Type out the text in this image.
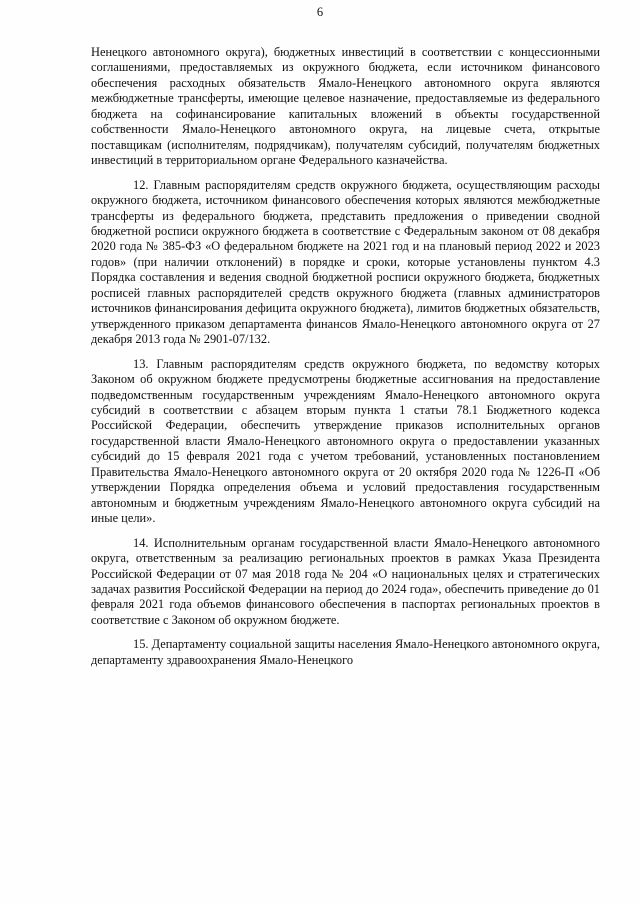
6

Ненецкого автономного округа), бюджетных инвестиций в соответствии с концессионными соглашениями, предоставляемых из окружного бюджета, если источником финансового обеспечения расходных обязательств Ямало-Ненецкого автономного округа являются межбюджетные трансферты, имеющие целевое назначение, предоставляемые из федерального бюджета на софинансирование капитальных вложений в объекты государственной собственности Ямало-Ненецкого автономного округа, на лицевые счета, открытые поставщикам (исполнителям, подрядчикам), получателям субсидий, получателям бюджетных инвестиций в территориальном органе Федерального казначейства.

12. Главным распорядителям средств окружного бюджета, осуществляющим расходы окружного бюджета, источником финансового обеспечения которых являются межбюджетные трансферты из федерального бюджета, представить предложения о приведении сводной бюджетной росписи окружного бюджета в соответствие с Федеральным законом от 08 декабря 2020 года № 385-ФЗ «О федеральном бюджете на 2021 год и на плановый период 2022 и 2023 годов» (при наличии отклонений) в порядке и сроки, которые установлены пунктом 4.3 Порядка составления и ведения сводной бюджетной росписи окружного бюджета, бюджетных росписей главных распорядителей средств окружного бюджета (главных администраторов источников финансирования дефицита окружного бюджета), лимитов бюджетных обязательств, утвержденного приказом департамента финансов Ямало-Ненецкого автономного округа от 27 декабря 2013 года № 2901-07/132.

13. Главным распорядителям средств окружного бюджета, по ведомству которых Законом об окружном бюджете предусмотрены бюджетные ассигнования на предоставление подведомственным государственным учреждениям Ямало-Ненецкого автономного округа субсидий в соответствии с абзацем вторым пункта 1 статьи 78.1 Бюджетного кодекса Российской Федерации, обеспечить утверждение приказов исполнительных органов государственной власти Ямало-Ненецкого автономного округа о предоставлении указанных субсидий до 15 февраля 2021 года с учетом требований, установленных постановлением Правительства Ямало-Ненецкого автономного округа от 20 октября 2020 года № 1226-П «Об утверждении Порядка определения объема и условий предоставления государственным автономным и бюджетным учреждениям Ямало-Ненецкого автономного округа субсидий на иные цели».

14. Исполнительным органам государственной власти Ямало-Ненецкого автономного округа, ответственным за реализацию региональных проектов в рамках Указа Президента Российской Федерации от 07 мая 2018 года № 204 «О национальных целях и стратегических задачах развития Российской Федерации на период до 2024 года», обеспечить приведение до 01 февраля 2021 года объемов финансового обеспечения в паспортах региональных проектов в соответствие с Законом об окружном бюджете.

15. Департаменту социальной защиты населения Ямало-Ненецкого автономного округа, департаменту здравоохранения Ямало-Ненецкого
